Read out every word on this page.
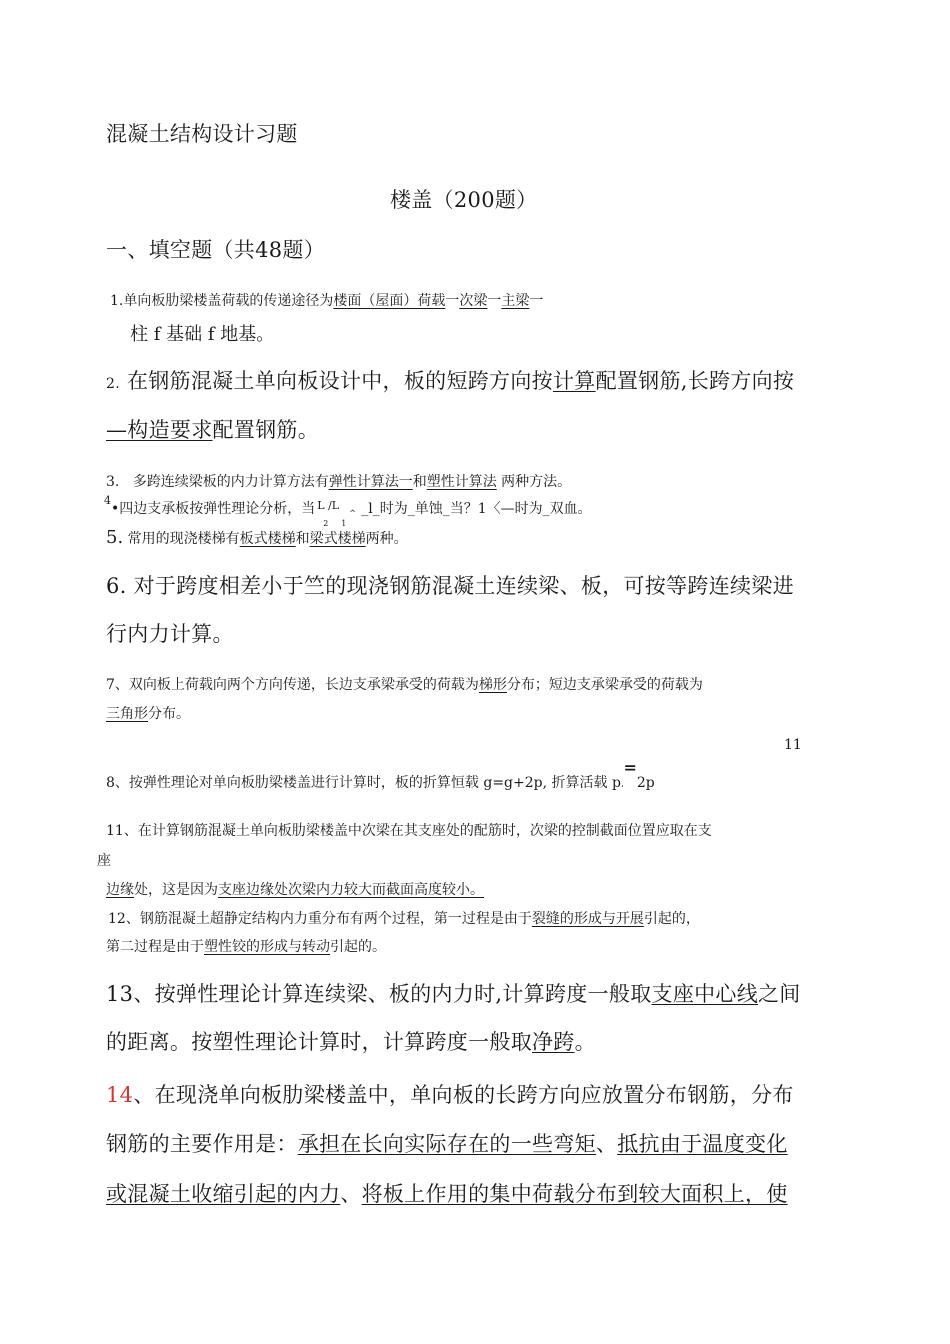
混凝土结构设计习题
楼盖（200题）
一、填空题（共48题）
1.单向板肋梁楼盖荷载的传递途径为楼面（屋面）荷载一次梁一主梁一
柱 f 基础 f 地基。
2. 在钢筋混凝土单向板设计中，板的短跨方向按计算配置钢筋,长跨方向按
—构造要求配置钢筋。
3. 多跨连续梁板的内力计算方法有弹性计算法一和塑性计算法 两种方法。
$^4$•四边支承板按弹性理论分析，当 L /L
2 1
^ _l_时为_单蚀_当？1〈—时为_双血。
5. 常用的现浇楼梯有板式楼梯和梁式楼梯两种。
6. 对于跨度相差小于竺的现浇钢筋混凝土连续梁、板，可按等跨连续梁进
行内力计算。
7、双向板上荷载向两个方向传递，长边支承梁承受的荷载为梯形分布；短边支承梁承受的荷载为
三角形分布。
11
8、按弹性理论对单向板肋梁楼盖进行计算时，板的折算恒载 g=g+2p, 折算活载 $p_‘=2p$
11、在计算钢筋混凝土单向板肋梁楼盖中次梁在其支座处的配筋时，次梁的控制截面位置应取在支
座
边缘处，这是因为支座边缘处次梁内力较大而截面高度较小。
12、钢筋混凝土超静定结构内力重分布有两个过程，第一过程是由于裂缝的形成与开展引起的，
第二过程是由于塑性铰的形成与转动引起的。
13、按弹性理论计算连续梁、板的内力时,计算跨度一般取支座中心线之间
的距离。按塑性理论计算时，计算跨度一般取净跨。
14、在现浇单向板肋梁楼盖中，单向板的长跨方向应放置分布钢筋，分布
钢筋的主要作用是：承担在长向实际存在的一些弯矩、抵抗由于温度变化
或混凝土收缩引起的内力、将板上作用的集中荷载分布到较大面积上，使
